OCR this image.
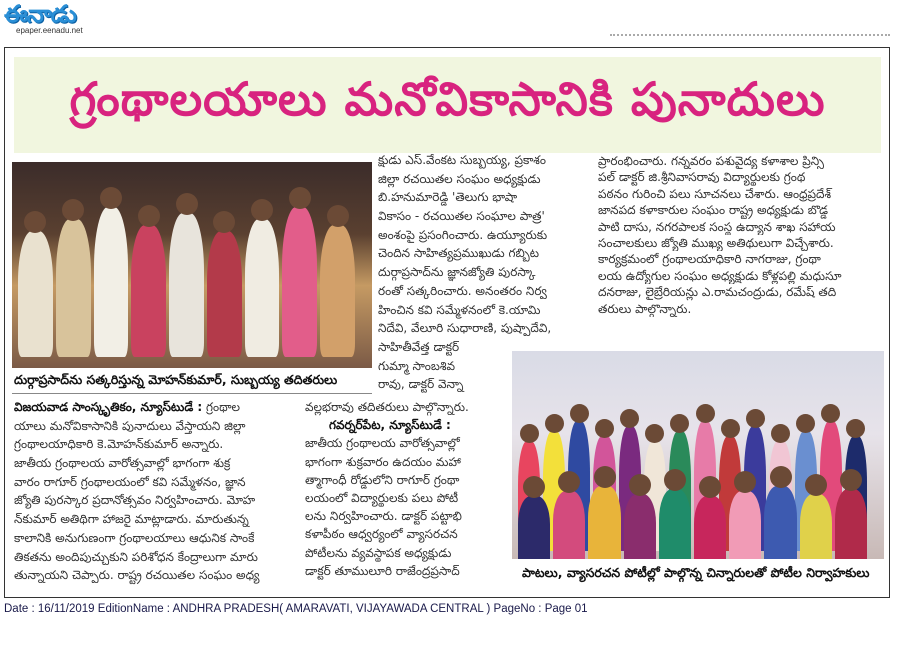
ఈనాడు
epaper.eenadu.net
గ్రంథాలయాలు మనోవికాసానికి పునాదులు
దుర్గాప్రసాద్‌ను సత్కరిస్తున్న మోహన్‌కుమార్, సుబ్బయ్య తదితరులు
విజయవాడ సాంస్కృతికం, న్యూస్‌టుడే : గ్రంథాల
యాలు మనోవికాసానికి పునాదులు వేస్తాయని జిల్లా
గ్రంథాలయాధికారి కె.మోహన్‌కుమార్ అన్నారు.
జాతీయ గ్రంథాలయ వారోత్సవాల్లో భాగంగా శుక్ర
వారం రాగూర్ గ్రంథాలయంలో కవి సమ్మేళనం, జ్ఞాన
జ్యోతి పురస్కార ప్రదానోత్సవం నిర్వహించారు. మోహ
న్‌కుమార్ అతిథిగా హాజరై మాట్లాడారు. మారుతున్న
కాలానికి అనుగుణంగా గ్రంథాలయాలు ఆధునిక సాంకే
తికతను అందిపుచ్చుకుని పరిశోధన కేంద్రాలుగా మారు
తున్నాయని చెప్పారు. రాష్ట్ర రచయితల సంఘం అధ్య
క్షుడు ఎస్.వేంకట సుబ్బయ్య, ప్రకాశం
జిల్లా రచయితల సంఘం అధ్యక్షుడు
బి.హనుమారెడ్డి 'తెలుగు భాషా
వికాసం - రచయితల సంఘాల పాత్ర'
అంశంపై ప్రసంగించారు. ఉయ్యూరుకు
చెందిన సాహిత్యప్రముఖుడు గబ్బిట
దుర్గాప్రసాద్‌ను జ్ఞానజ్యోతి పురస్కా
రంతో సత్కరించారు. అనంతరం నిర్వ
హించిన కవి సమ్మేళనంలో కె.యామి
నిదేవి, వేలూరి సుధారాణి, పుష్పాదేవి,
సాహితీవేత్త డాక్టర్
గుమ్మా సాంబశివ
రావు, డాక్టర్ వెన్నా
వల్లభరావు తదితరులు పాల్గొన్నారు.
గవర్నర్‌పేట, న్యూస్‌టుడే :
జాతీయ గ్రంథాలయ వారోత్సవాల్లో
భాగంగా శుక్రవారం ఉదయం మహా
త్మాగాంధీ రోడ్డులోని రాగూర్ గ్రంథా
లయంలో విద్యార్థులకు పలు పోటీ
లను నిర్వహించారు. డాక్టర్ పట్టాభి
కళాపీఠం ఆధ్వర్యంలో వ్యాసరచన
పోటీలను వ్యవస్థాపక అధ్యక్షుడు
డాక్టర్ తూములూరి రాజేంద్రప్రసాద్
ప్రారంభించారు. గన్నవరం పశువైద్య కళాశాల ప్రిన్సి
పల్ డాక్టర్ జి.శ్రీనివాసరావు విద్యార్థులకు గ్రంథ
పఠనం గురించి పలు సూచనలు చేశారు. ఆంధ్రప్రదేశ్
జానపద కళాకారుల సంఘం రాష్ట్ర అధ్యక్షుడు బొడ్డ
పాటి దాసు, నగరపాలక సంస్థ ఉద్యాన శాఖ సహాయ
సంచాలకులు జ్యోతి ముఖ్య అతిథులుగా విచ్చేశారు.
కార్యక్రమంలో గ్రంథాలయాధికారి నాగరాజు, గ్రంథా
లయ ఉద్యోగుల సంఘం అధ్యక్షుడు కోళ్లపల్లి మధుసూ
దనరాజు, లైబ్రేరియన్లు ఎ.రామచంద్రుడు, రమేష్ తది
తరులు పాల్గొన్నారు.
పాటలు, వ్యాసరచన పోటీల్లో పాల్గొన్న చిన్నారులతో పోటీల నిర్వాహకులు
Date : 16/11/2019 EditionName : ANDHRA PRADESH( AMARAVATI, VIJAYAWADA CENTRAL ) PageNo : Page 01
